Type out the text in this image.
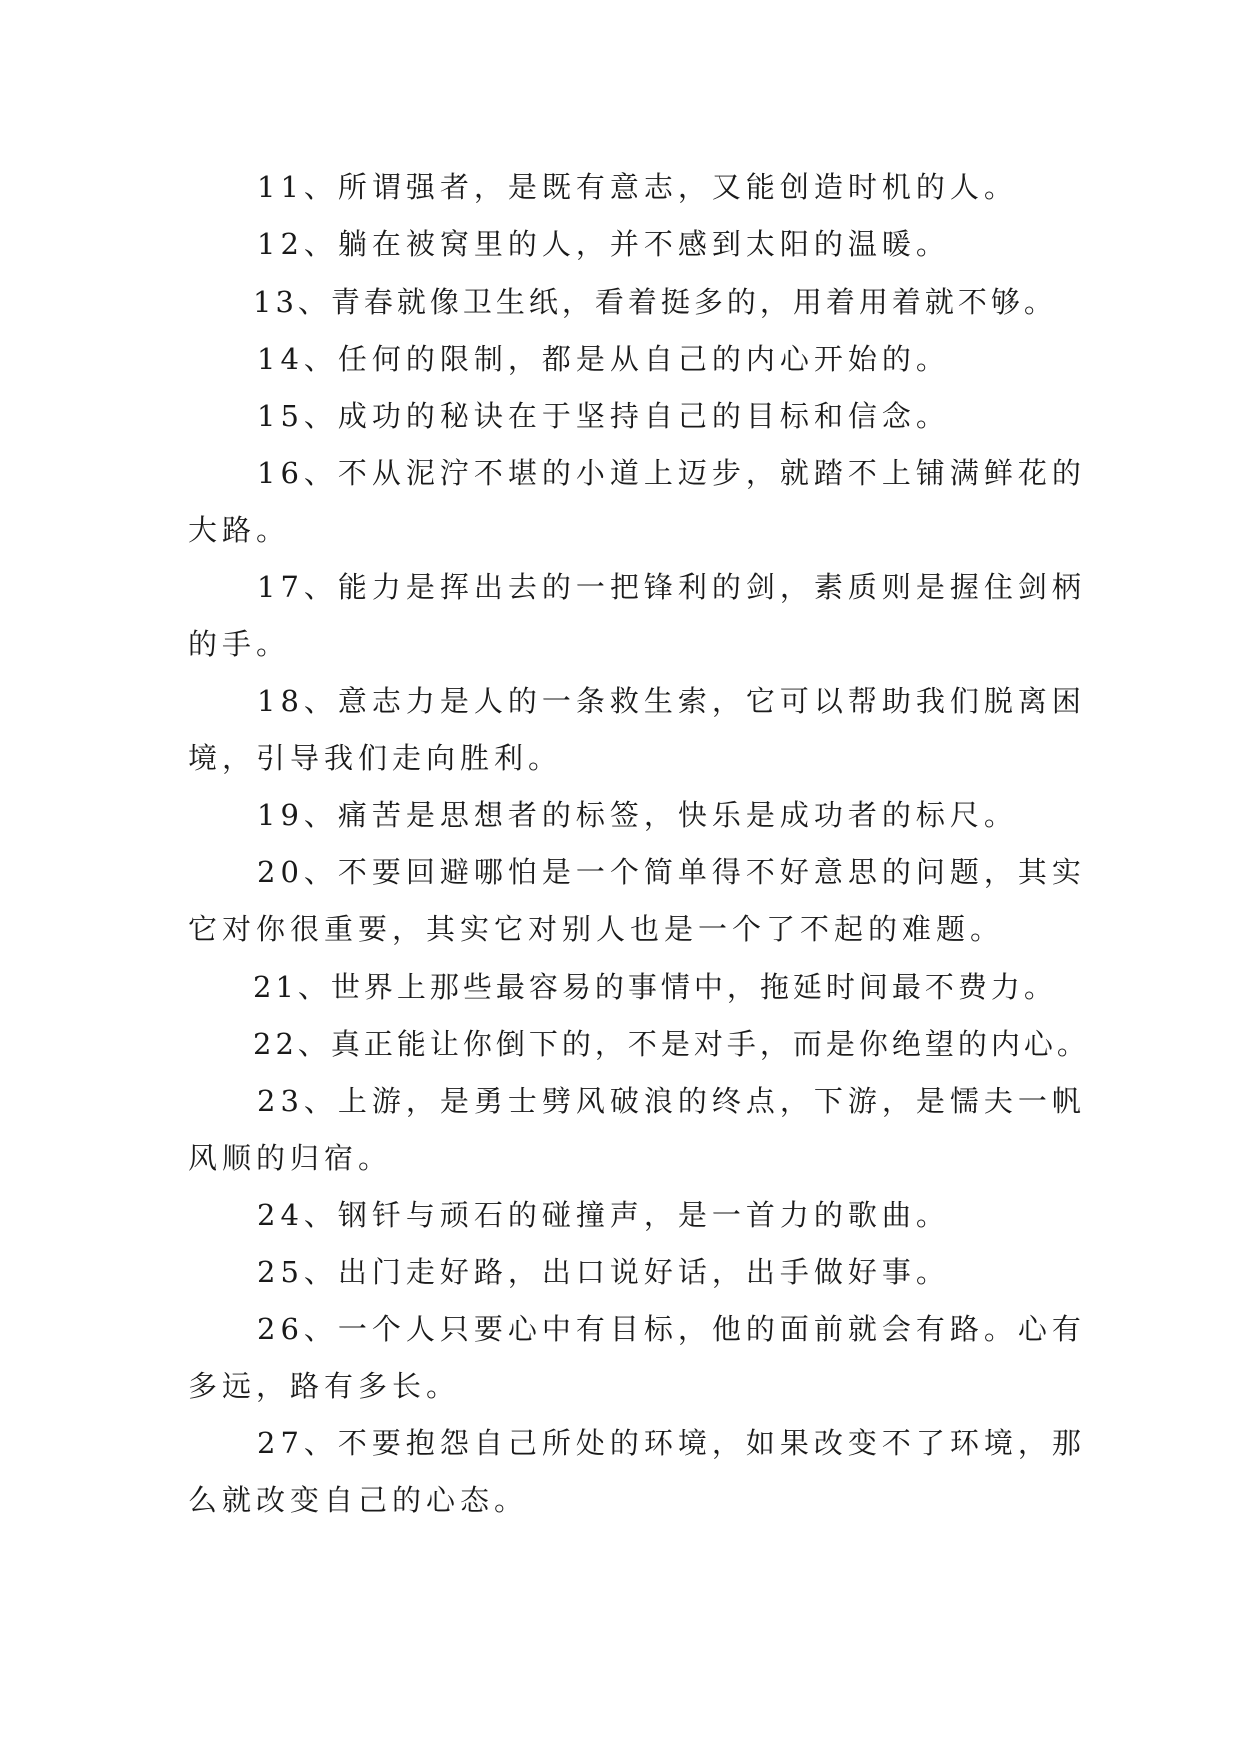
11、所谓强者，是既有意志，又能创造时机的人。
12、躺在被窝里的人，并不感到太阳的温暖。
13、青春就像卫生纸，看着挺多的，用着用着就不够。
14、任何的限制，都是从自己的内心开始的。
15、成功的秘诀在于坚持自己的目标和信念。
16、不从泥泞不堪的小道上迈步，就踏不上铺满鲜花的
大路。
17、能力是挥出去的一把锋利的剑，素质则是握住剑柄
的手。
18、意志力是人的一条救生索，它可以帮助我们脱离困
境，引导我们走向胜利。
19、痛苦是思想者的标签，快乐是成功者的标尺。
20、不要回避哪怕是一个简单得不好意思的问题，其实
它对你很重要，其实它对别人也是一个了不起的难题。
21、世界上那些最容易的事情中，拖延时间最不费力。
22、真正能让你倒下的，不是对手，而是你绝望的内心。
23、上游，是勇士劈风破浪的终点，下游，是懦夫一帆
风顺的归宿。
24、钢钎与顽石的碰撞声，是一首力的歌曲。
25、出门走好路，出口说好话，出手做好事。
26、一个人只要心中有目标，他的面前就会有路。心有
多远，路有多长。
27、不要抱怨自己所处的环境，如果改变不了环境，那
么就改变自己的心态。
